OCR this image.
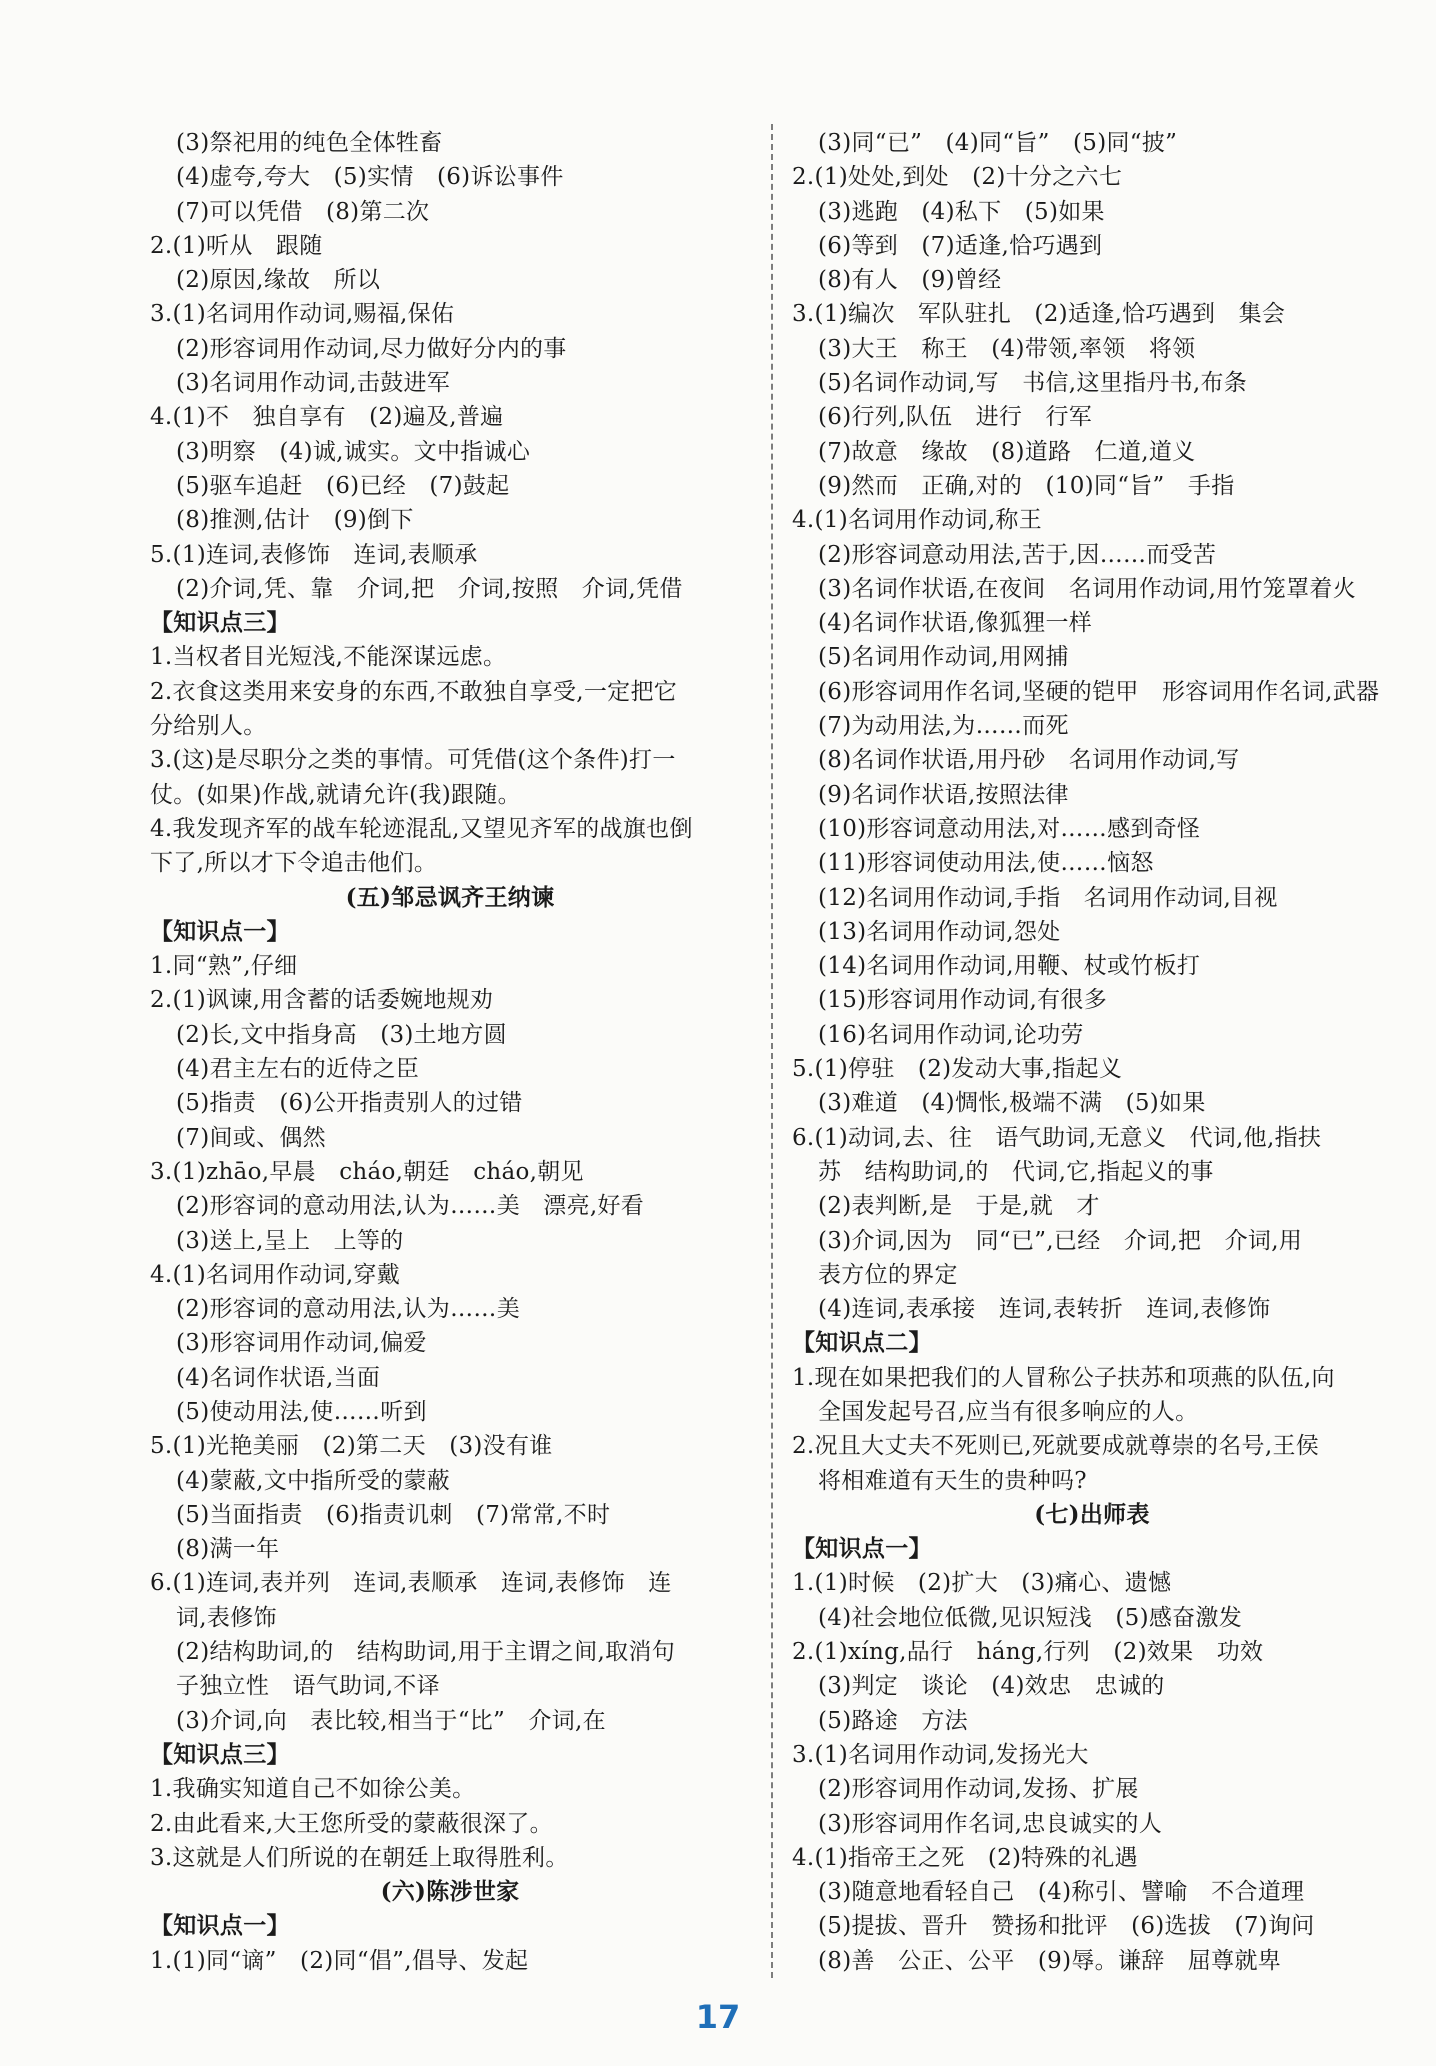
(3)祭祀用的纯色全体牲畜
(4)虚夸,夸大　(5)实情　(6)诉讼事件
(7)可以凭借　(8)第二次
2.(1)听从　跟随
(2)原因,缘故　所以
3.(1)名词用作动词,赐福,保佑
(2)形容词用作动词,尽力做好分内的事
(3)名词用作动词,击鼓进军
4.(1)不　独自享有　(2)遍及,普遍
(3)明察　(4)诚,诚实。文中指诚心
(5)驱车追赶　(6)已经　(7)鼓起
(8)推测,估计　(9)倒下
5.(1)连词,表修饰　连词,表顺承
(2)介词,凭、靠　介词,把　介词,按照　介词,凭借
【知识点三】
1.当权者目光短浅,不能深谋远虑。
2.衣食这类用来安身的东西,不敢独自享受,一定把它
分给别人。
3.(这)是尽职分之类的事情。可凭借(这个条件)打一
仗。(如果)作战,就请允许(我)跟随。
4.我发现齐军的战车轮迹混乱,又望见齐军的战旗也倒
下了,所以才下令追击他们。
(五)邹忌讽齐王纳谏
【知识点一】
1.同“熟”,仔细
2.(1)讽谏,用含蓄的话委婉地规劝
(2)长,文中指身高　(3)土地方圆
(4)君主左右的近侍之臣
(5)指责　(6)公开指责别人的过错
(7)间或、偶然
3.(1)zhāo,早晨　cháo,朝廷　cháo,朝见
(2)形容词的意动用法,认为……美　漂亮,好看
(3)送上,呈上　上等的
4.(1)名词用作动词,穿戴
(2)形容词的意动用法,认为……美
(3)形容词用作动词,偏爱
(4)名词作状语,当面
(5)使动用法,使……听到
5.(1)光艳美丽　(2)第二天　(3)没有谁
(4)蒙蔽,文中指所受的蒙蔽
(5)当面指责　(6)指责讥刺　(7)常常,不时
(8)满一年
6.(1)连词,表并列　连词,表顺承　连词,表修饰　连
词,表修饰
(2)结构助词,的　结构助词,用于主谓之间,取消句
子独立性　语气助词,不译
(3)介词,向　表比较,相当于“比”　介词,在
【知识点三】
1.我确实知道自己不如徐公美。
2.由此看来,大王您所受的蒙蔽很深了。
3.这就是人们所说的在朝廷上取得胜利。
(六)陈涉世家
【知识点一】
1.(1)同“谪”　(2)同“倡”,倡导、发起
(3)同“已”　(4)同“旨”　(5)同“披”
2.(1)处处,到处　(2)十分之六七
(3)逃跑　(4)私下　(5)如果
(6)等到　(7)适逢,恰巧遇到
(8)有人　(9)曾经
3.(1)编次　军队驻扎　(2)适逢,恰巧遇到　集会
(3)大王　称王　(4)带领,率领　将领
(5)名词作动词,写　书信,这里指丹书,布条
(6)行列,队伍　进行　行军
(7)故意　缘故　(8)道路　仁道,道义
(9)然而　正确,对的　(10)同“旨”　手指
4.(1)名词用作动词,称王
(2)形容词意动用法,苦于,因……而受苦
(3)名词作状语,在夜间　名词用作动词,用竹笼罩着火
(4)名词作状语,像狐狸一样
(5)名词用作动词,用网捕
(6)形容词用作名词,坚硬的铠甲　形容词用作名词,武器
(7)为动用法,为……而死
(8)名词作状语,用丹砂　名词用作动词,写
(9)名词作状语,按照法律
(10)形容词意动用法,对……感到奇怪
(11)形容词使动用法,使……恼怒
(12)名词用作动词,手指　名词用作动词,目视
(13)名词用作动词,怨处
(14)名词用作动词,用鞭、杖或竹板打
(15)形容词用作动词,有很多
(16)名词用作动词,论功劳
5.(1)停驻　(2)发动大事,指起义
(3)难道　(4)惆怅,极端不满　(5)如果
6.(1)动词,去、往　语气助词,无意义　代词,他,指扶
苏　结构助词,的　代词,它,指起义的事
(2)表判断,是　于是,就　才
(3)介词,因为　同“已”,已经　介词,把　介词,用
表方位的界定
(4)连词,表承接　连词,表转折　连词,表修饰
【知识点二】
1.现在如果把我们的人冒称公子扶苏和项燕的队伍,向
全国发起号召,应当有很多响应的人。
2.况且大丈夫不死则已,死就要成就尊崇的名号,王侯
将相难道有天生的贵种吗?
(七)出师表
【知识点一】
1.(1)时候　(2)扩大　(3)痛心、遗憾
(4)社会地位低微,见识短浅　(5)感奋激发
2.(1)xíng,品行　háng,行列　(2)效果　功效
(3)判定　谈论　(4)效忠　忠诚的
(5)路途　方法
3.(1)名词用作动词,发扬光大
(2)形容词用作动词,发扬、扩展
(3)形容词用作名词,忠良诚实的人
4.(1)指帝王之死　(2)特殊的礼遇
(3)随意地看轻自己　(4)称引、譬喻　不合道理
(5)提拔、晋升　赞扬和批评　(6)选拔　(7)询问
(8)善　公正、公平　(9)辱。谦辞　屈尊就卑
17
